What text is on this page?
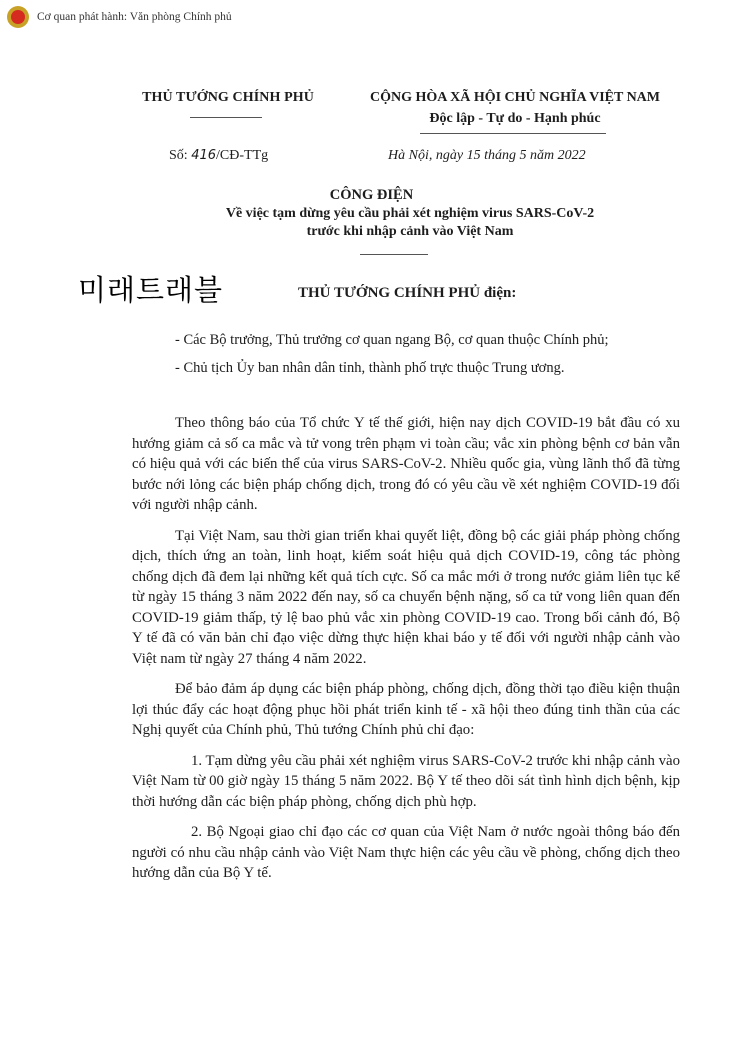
Cơ quan phát hành: Văn phòng Chính phủ
THỦ TƯỚNG CHÍNH PHỦ	CỘNG HÒA XÃ HỘI CHỦ NGHĨA VIỆT NAM
Độc lập - Tự do - Hạnh phúc
Số: 416/CĐ-TTg	Hà Nội, ngày 15 tháng 5 năm 2022
CÔNG ĐIỆN
Về việc tạm dừng yêu cầu phải xét nghiệm virus SARS-CoV-2
trước khi nhập cảnh vào Việt Nam
미래트래블	THỦ TƯỚNG CHÍNH PHỦ điện:
- Các Bộ trưởng, Thủ trưởng cơ quan ngang Bộ, cơ quan thuộc Chính phủ;
- Chủ tịch Ủy ban nhân dân tỉnh, thành phố trực thuộc Trung ương.

Theo thông báo của Tổ chức Y tế thế giới, hiện nay dịch COVID-19 bắt đầu có xu hướng giảm cả số ca mắc và tử vong trên phạm vi toàn cầu; vắc xin phòng bệnh cơ bản vẫn có hiệu quả với các biến thể của virus SARS-CoV-2. Nhiều quốc gia, vùng lãnh thổ đã từng bước nới lỏng các biện pháp chống dịch, trong đó có yêu cầu về xét nghiệm COVID-19 đối với người nhập cảnh.

Tại Việt Nam, sau thời gian triển khai quyết liệt, đồng bộ các giải pháp phòng chống dịch, thích ứng an toàn, linh hoạt, kiểm soát hiệu quả dịch COVID-19, công tác phòng chống dịch đã đem lại những kết quả tích cực. Số ca mắc mới ở trong nước giảm liên tục kể từ ngày 15 tháng 3 năm 2022 đến nay, số ca chuyển bệnh nặng, số ca tử vong liên quan đến COVID-19 giảm thấp, tỷ lệ bao phủ vắc xin phòng COVID-19 cao. Trong bối cảnh đó, Bộ Y tế đã có văn bản chỉ đạo việc dừng thực hiện khai báo y tế đối với người nhập cảnh vào Việt nam từ ngày 27 tháng 4 năm 2022.

Để bảo đảm áp dụng các biện pháp phòng, chống dịch, đồng thời tạo điều kiện thuận lợi thúc đẩy các hoạt động phục hồi phát triển kinh tế - xã hội theo đúng tinh thần của các Nghị quyết của Chính phủ, Thủ tướng Chính phủ chỉ đạo:

1. Tạm dừng yêu cầu phải xét nghiệm virus SARS-CoV-2 trước khi nhập cảnh vào Việt Nam từ 00 giờ ngày 15 tháng 5 năm 2022. Bộ Y tế theo dõi sát tình hình dịch bệnh, kịp thời hướng dẫn các biện pháp phòng, chống dịch phù hợp.

2. Bộ Ngoại giao chỉ đạo các cơ quan của Việt Nam ở nước ngoài thông báo đến người có nhu cầu nhập cảnh vào Việt Nam thực hiện các yêu cầu về phòng, chống dịch theo hướng dẫn của Bộ Y tế.
